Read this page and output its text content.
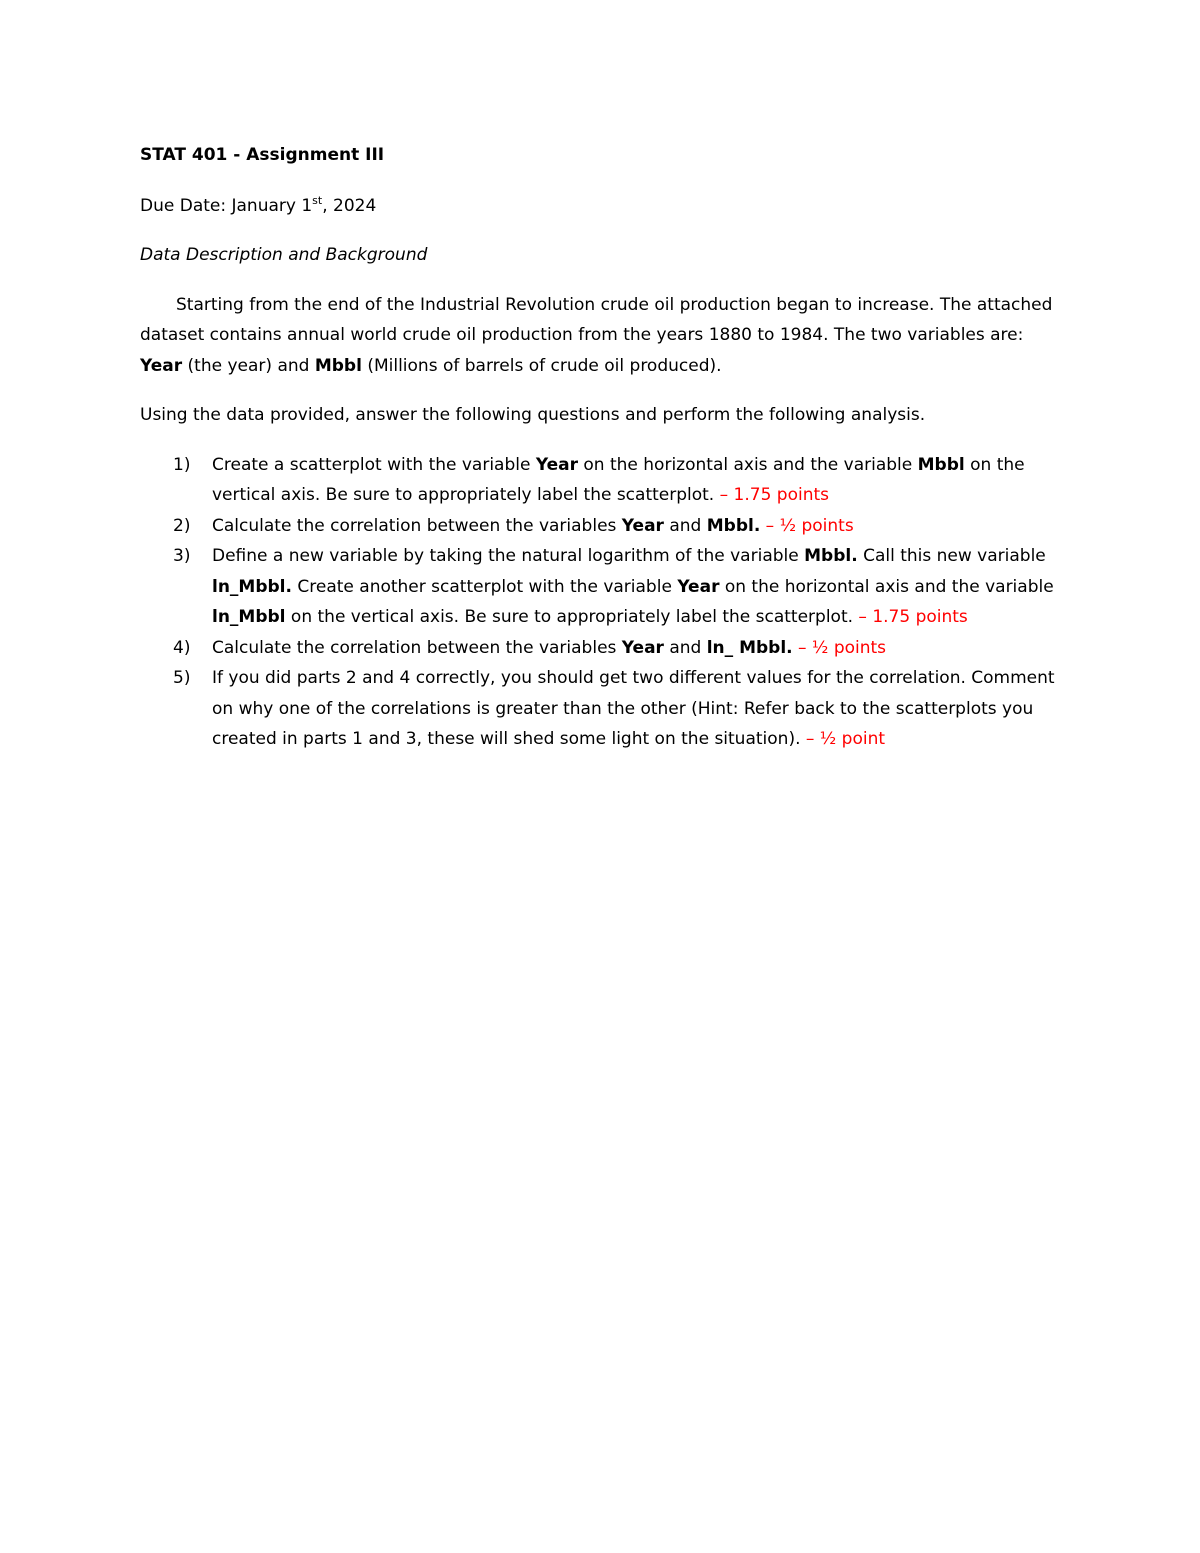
STAT 401 - Assignment III

Due Date: January 1st, 2024

Data Description and Background

Starting from the end of the Industrial Revolution crude oil production began to increase. The attached dataset contains annual world crude oil production from the years 1880 to 1984. The two variables are: Year (the year) and Mbbl (Millions of barrels of crude oil produced).

Using the data provided, answer the following questions and perform the following analysis.

1) Create a scatterplot with the variable Year on the horizontal axis and the variable Mbbl on the vertical axis. Be sure to appropriately label the scatterplot. – 1.75 points
2) Calculate the correlation between the variables Year and Mbbl. – ½ points
3) Define a new variable by taking the natural logarithm of the variable Mbbl. Call this new variable ln_Mbbl. Create another scatterplot with the variable Year on the horizontal axis and the variable ln_Mbbl on the vertical axis. Be sure to appropriately label the scatterplot. – 1.75 points
4) Calculate the correlation between the variables Year and ln_ Mbbl. – ½ points
5) If you did parts 2 and 4 correctly, you should get two different values for the correlation. Comment on why one of the correlations is greater than the other (Hint: Refer back to the scatterplots you created in parts 1 and 3, these will shed some light on the situation). – ½ point
